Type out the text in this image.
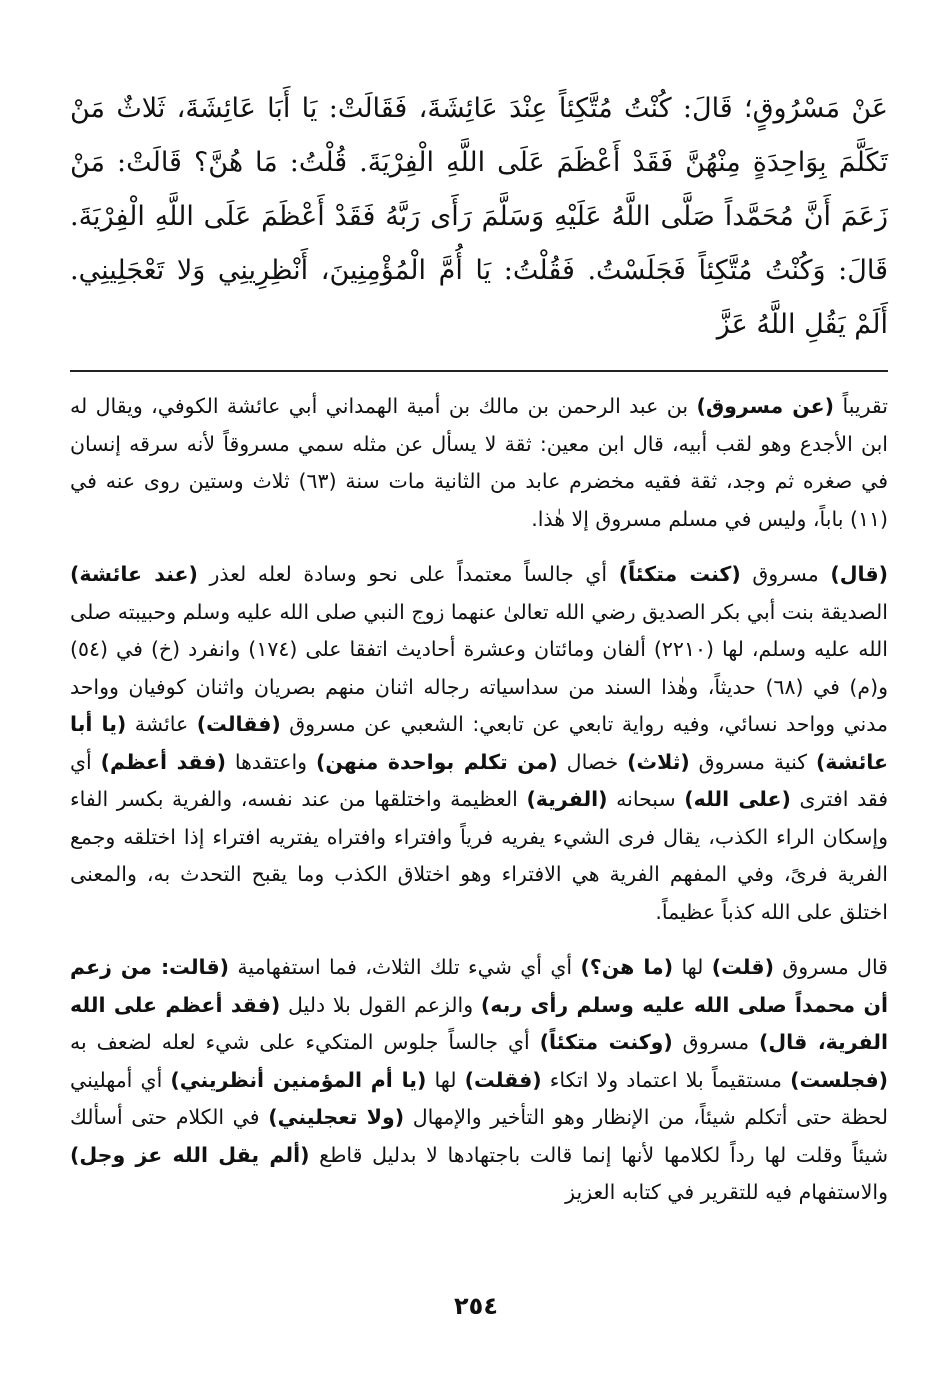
عَنْ مَسْرُوقٍ؛ قَالَ: كُنْتُ مُتَّكِئاً عِنْدَ عَائِشَةَ، فَقَالَتْ: يَا أَبَا عَائِشَةَ، ثَلاثٌ مَنْ تَكَلَّمَ بِوَاحِدَةٍ مِنْهُنَّ فَقَدْ أَعْظَمَ عَلَى اللَّهِ الْفِرْيَةَ. قُلْتُ: مَا هُنَّ؟ قَالَتْ: مَنْ زَعَمَ أَنَّ مُحَمَّداً صَلَّى اللَّهُ عَلَيْهِ وَسَلَّمَ رَأَى رَبَّهُ فَقَدْ أَعْظَمَ عَلَى اللَّهِ الْفِرْيَةَ. قَالَ: وَكُنْتُ مُتَّكِئاً فَجَلَسْتُ. فَقُلْتُ: يَا أُمَّ الْمُؤْمِنِينَ، أَنْظِرِينِي وَلا تَعْجَلِينِي. أَلَمْ يَقُلِ اللَّهُ عَزَّ

تقريباً (عن مسروق) بن عبد الرحمن بن مالك بن أمية الهمداني أبي عائشة الكوفي، ويقال له ابن الأجدع وهو لقب أبيه، قال ابن معين: ثقة لا يسأل عن مثله سمي مسروقاً لأنه سرقه إنسان في صغره ثم وجد، ثقة فقيه مخضرم عابد من الثانية مات سنة (٦٣) ثلاث وستين روى عنه في (١١) باباً، وليس في مسلم مسروق إلا هٰذا.

(قال) مسروق (كنت متكئاً) أي جالساً معتمداً على نحو وسادة لعله لعذر (عند عائشة) الصديقة بنت أبي بكر الصديق رضي الله تعالىٰ عنهما زوج النبي صلى الله عليه وسلم وحبيبته صلى الله عليه وسلم، لها (٢٢١٠) ألفان ومائتان وعشرة أحاديث اتفقا على (١٧٤) وانفرد (خ) في (٥٤) و(م) في (٦٨) حديثاً، وهٰذا السند من سداسياته رجاله اثنان منهم بصريان واثنان كوفيان وواحد مدني وواحد نسائي، وفيه رواية تابعي عن تابعي: الشعبي عن مسروق (فقالت) عائشة (يا أبا عائشة) كنية مسروق (ثلاث) خصال (من تكلم بواحدة منهن) واعتقدها (فقد أعظم) أي فقد افترى (على الله) سبحانه (الفرية) العظيمة واختلقها من عند نفسه، والفرية بكسر الفاء وإسكان الراء الكذب، يقال فرى الشيء يفريه فرياً وافتراء وافتراه يفتريه افتراء إذا اختلقه وجمع الفرية فرىً، وفي المفهم الفرية هي الافتراء وهو اختلاق الكذب وما يقبح التحدث به، والمعنى اختلق على الله كذباً عظيماً.

قال مسروق (قلت) لها (ما هن؟) أي أي شيء تلك الثلاث، فما استفهامية (قالت: من زعم أن محمداً صلى الله عليه وسلم رأى ربه) والزعم القول بلا دليل (فقد أعظم على الله الفرية، قال) مسروق (وكنت متكئاً) أي جالساً جلوس المتكيء على شيء لعله لضعف به (فجلست) مستقيماً بلا اعتماد ولا اتكاء (فقلت) لها (يا أم المؤمنين أنظريني) أي أمهليني لحظة حتى أتكلم شيئاً، من الإنظار وهو التأخير والإمهال (ولا تعجليني) في الكلام حتى أسألك شيئاً وقلت لها رداً لكلامها لأنها إنما قالت باجتهادها لا بدليل قاطع (ألم يقل الله عز وجل) والاستفهام فيه للتقرير في كتابه العزيز

٢٥٤
